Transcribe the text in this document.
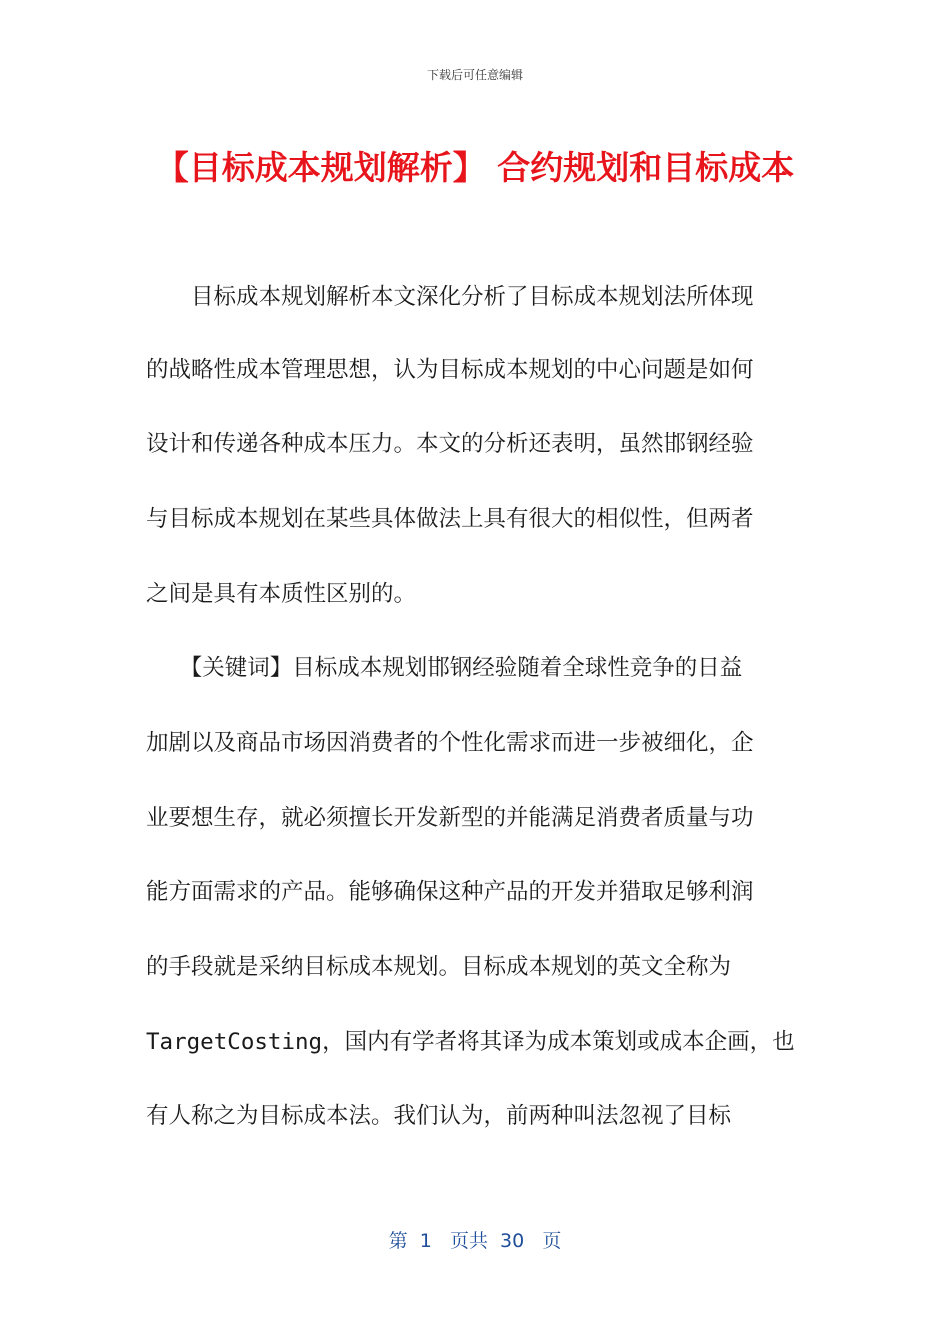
下载后可任意编辑
【目标成本规划解析】 合约规划和目标成本
　　目标成本规划解析本文深化分析了目标成本规划法所体现
的战略性成本管理思想，认为目标成本规划的中心问题是如何
设计和传递各种成本压力。本文的分析还表明，虽然邯钢经验
与目标成本规划在某些具体做法上具有很大的相似性，但两者
之间是具有本质性区别的。
　　【关键词】目标成本规划邯钢经验随着全球性竞争的日益
加剧以及商品市场因消费者的个性化需求而进一步被细化，企
业要想生存，就必须擅长开发新型的并能满足消费者质量与功
能方面需求的产品。能够确保这种产品的开发并猎取足够利润
的手段就是采纳目标成本规划。目标成本规划的英文全称为
TargetCosting，国内有学者将其译为成本策划或成本企画，也
有人称之为目标成本法。我们认为，前两种叫法忽视了目标
第  1   页共  30   页
